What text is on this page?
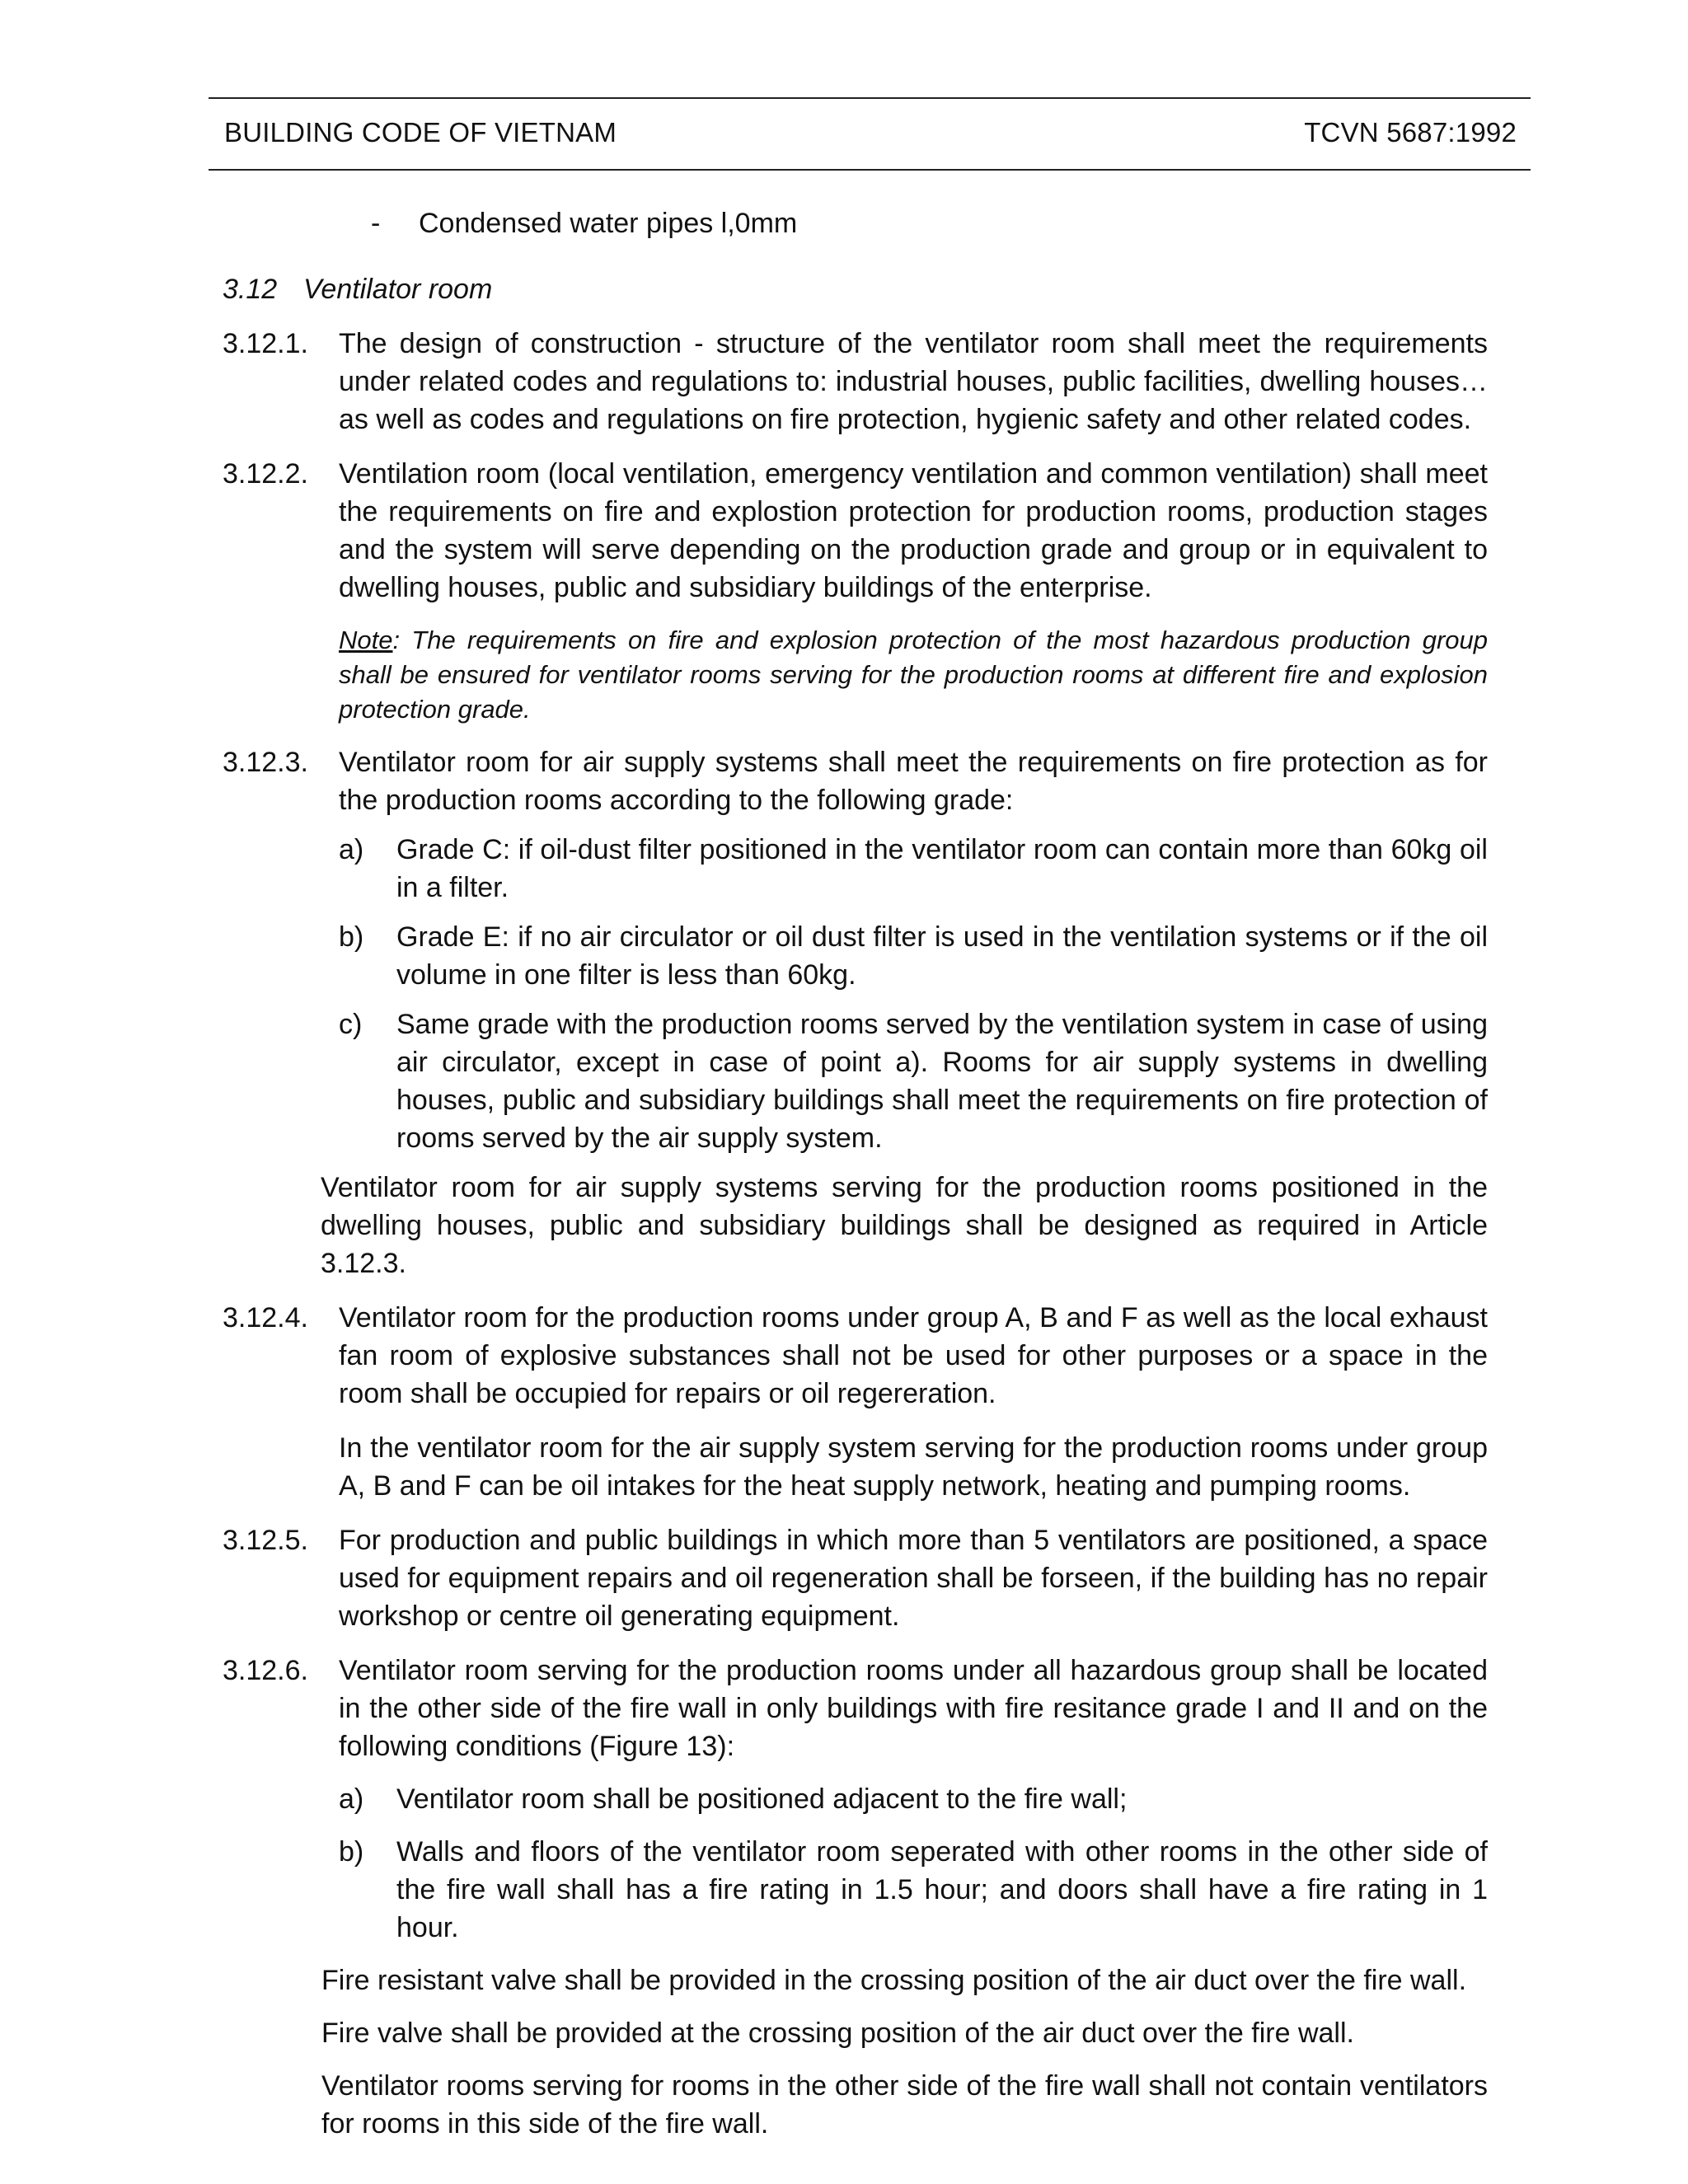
BUILDING CODE OF VIETNAM	TCVN 5687:1992
- Condensed water pipes l,0mm
3.12 Ventilator room
3.12.1. The design of construction - structure of the ventilator room shall meet the requirements under related codes and regulations to: industrial houses, public facilities, dwelling houses… as well as codes and regulations on fire protection, hygienic safety and other related codes.
3.12.2. Ventilation room (local ventilation, emergency ventilation and common ventilation) shall meet the requirements on fire and explostion protection for production rooms, production stages and the system will serve depending on the production grade and group or in equivalent to dwelling houses, public and subsidiary buildings of the enterprise.
Note: The requirements on fire and explosion protection of the most hazardous production group shall be ensured for ventilator rooms serving for the production rooms at different fire and explosion protection grade.
3.12.3. Ventilator room for air supply systems shall meet the requirements on fire protection as for the production rooms according to the following grade:
a) Grade C: if oil-dust filter positioned in the ventilator room can contain more than 60kg oil in a filter.
b) Grade E: if no air circulator or oil dust filter is used in the ventilation systems or if the oil volume in one filter is less than 60kg.
c) Same grade with the production rooms served by the ventilation system in case of using air circulator, except in case of point a). Rooms for air supply systems in dwelling houses, public and subsidiary buildings shall meet the requirements on fire protection of rooms served by the air supply system.
Ventilator room for air supply systems serving for the production rooms positioned in the dwelling houses, public and subsidiary buildings shall be designed as required in Article 3.12.3.
3.12.4. Ventilator room for the production rooms under group A, B and F as well as the local exhaust fan room of explosive substances shall not be used for other purposes or a space in the room shall be occupied for repairs or oil regereration.
In the ventilator room for the air supply system serving for the production rooms under group A, B and F can be oil intakes for the heat supply network, heating and pumping rooms.
3.12.5. For production and public buildings in which more than 5 ventilators are positioned, a space used for equipment repairs and oil regeneration shall be forseen, if the building has no repair workshop or centre oil generating equipment.
3.12.6. Ventilator room serving for the production rooms under all hazardous group shall be located in the other side of the fire wall in only buildings with fire resitance grade I and II and on the following conditions (Figure 13):
a) Ventilator room shall be positioned adjacent to the fire wall;
b) Walls and floors of the ventilator room seperated with other rooms in the other side of the fire wall shall has a fire rating in 1.5 hour; and doors shall have a fire rating in 1 hour.
Fire resistant valve shall be provided in the crossing position of the air duct over the fire wall.
Fire valve shall be provided at the crossing position of the air duct over the fire wall.
Ventilator rooms serving for rooms in the other side of the fire wall shall not contain ventilators for rooms in this side of the fire wall.
